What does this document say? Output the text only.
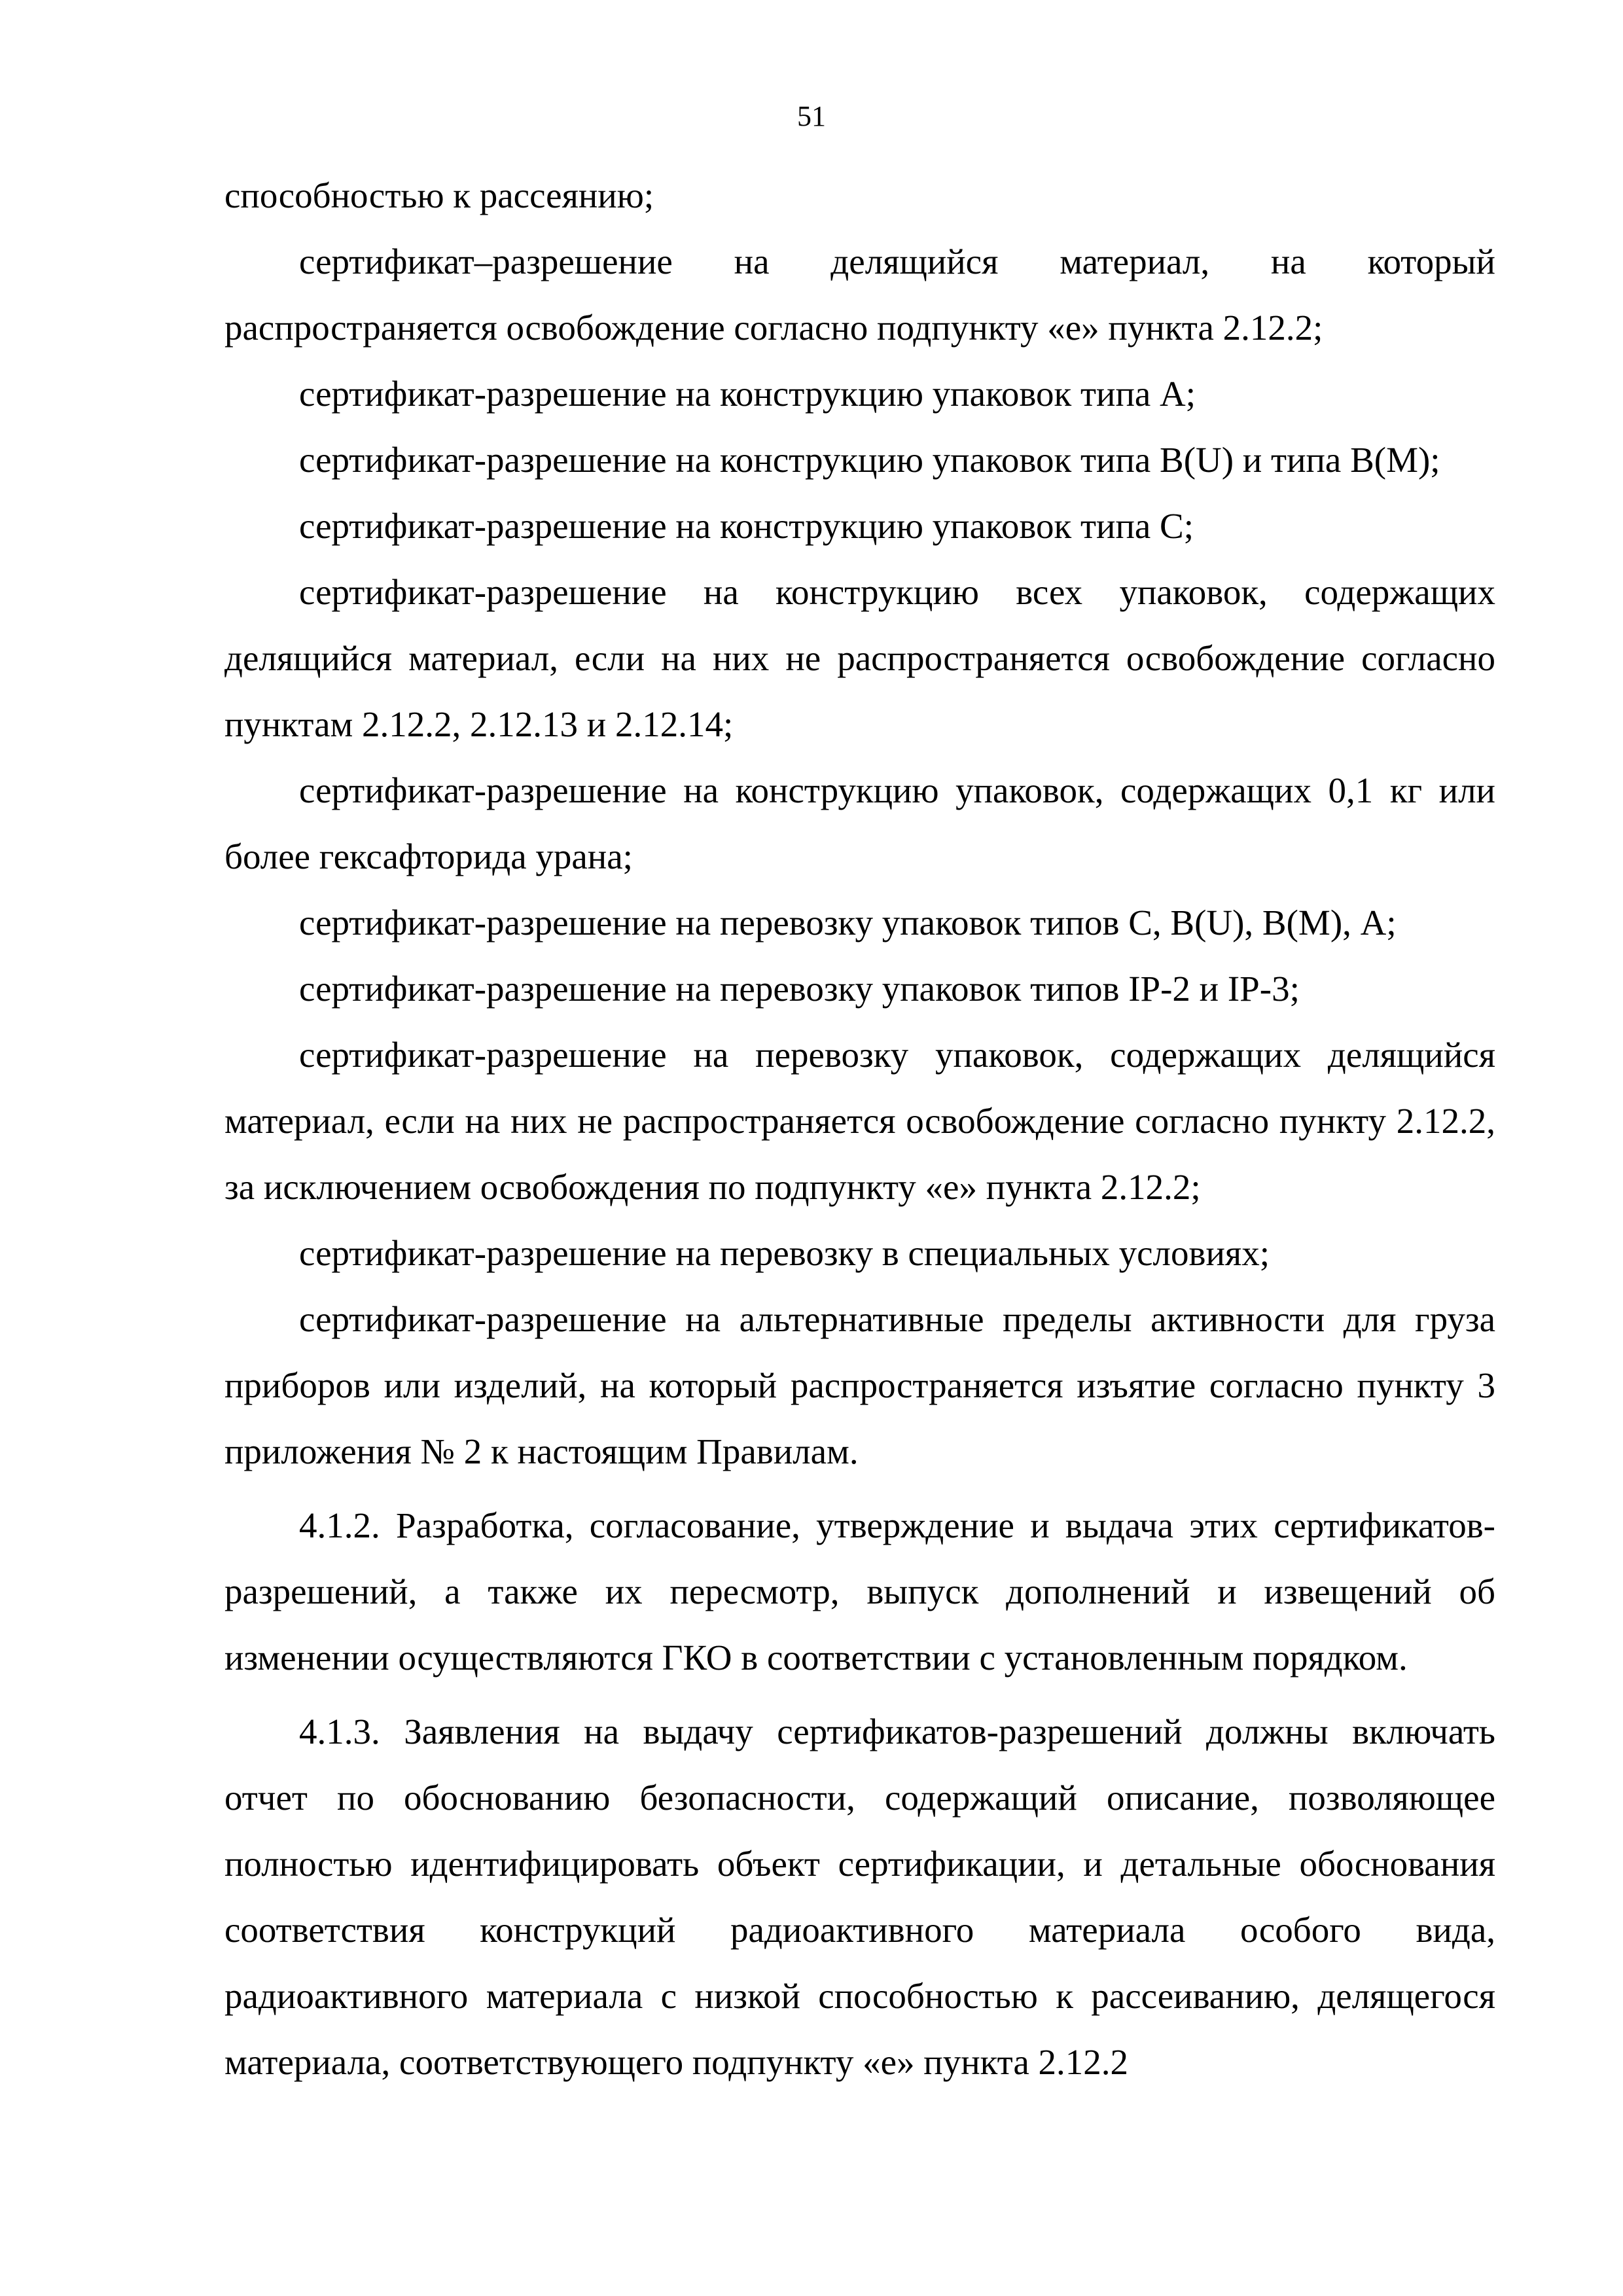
51

способностью к рассеянию;

сертификат–разрешение на делящийся материал, на который распространяется освобождение согласно подпункту «е» пункта 2.12.2;

сертификат-разрешение на конструкцию упаковок типа А;

сертификат-разрешение на конструкцию упаковок типа B(U) и типа B(M);

сертификат-разрешение на конструкцию упаковок типа С;

сертификат-разрешение на конструкцию всех упаковок, содержащих делящийся материал, если на них не распространяется освобождение согласно пунктам 2.12.2, 2.12.13 и 2.12.14;

сертификат-разрешение на конструкцию упаковок, содержащих 0,1 кг или более гексафторида урана;

сертификат-разрешение на перевозку упаковок типов С, B(U), B(M), А;

сертификат-разрешение на перевозку упаковок типов IP-2 и IP-3;

сертификат-разрешение на перевозку упаковок, содержащих делящийся материал, если на них не распространяется освобождение согласно пункту 2.12.2, за исключением освобождения по подпункту «е» пункта 2.12.2;

сертификат-разрешение на перевозку в специальных условиях;

сертификат-разрешение на альтернативные пределы активности для груза приборов или изделий, на который распространяется изъятие согласно пункту 3 приложения № 2 к настоящим Правилам.

4.1.2. Разработка, согласование, утверждение и выдача этих сертификатов-разрешений, а также их пересмотр, выпуск дополнений и извещений об изменении осуществляются ГКО в соответствии с установленным порядком.

4.1.3. Заявления на выдачу сертификатов-разрешений должны включать отчет по обоснованию безопасности, содержащий описание, позволяющее полностью идентифицировать объект сертификации, и детальные обоснования соответствия конструкций радиоактивного материала особого вида, радиоактивного материала с низкой способностью к рассеиванию, делящегося материала, соответствующего подпункту «е» пункта 2.12.2
